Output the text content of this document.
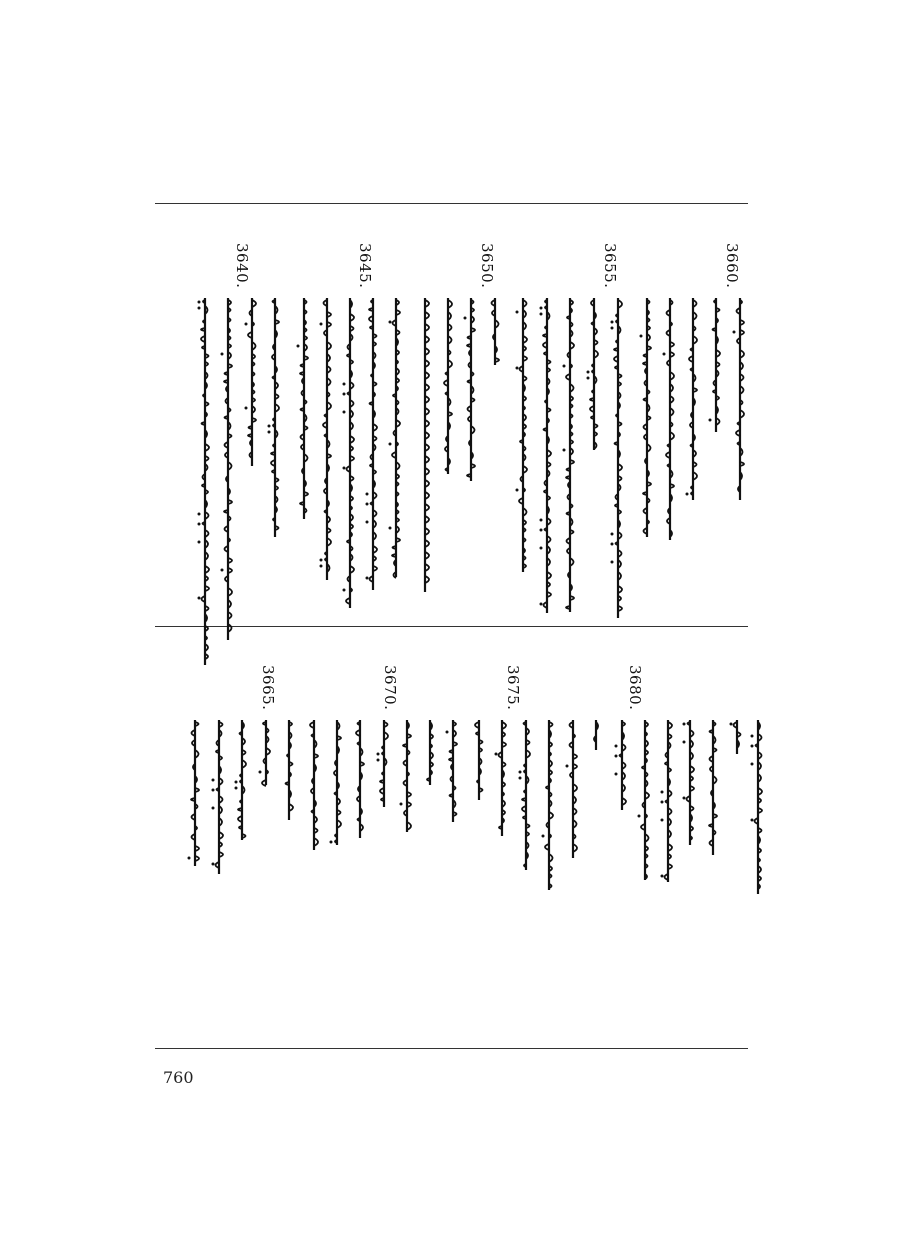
3660.
3655.
3650.
3645.
3640.
3680.
3675.
3670.
3665.
760
